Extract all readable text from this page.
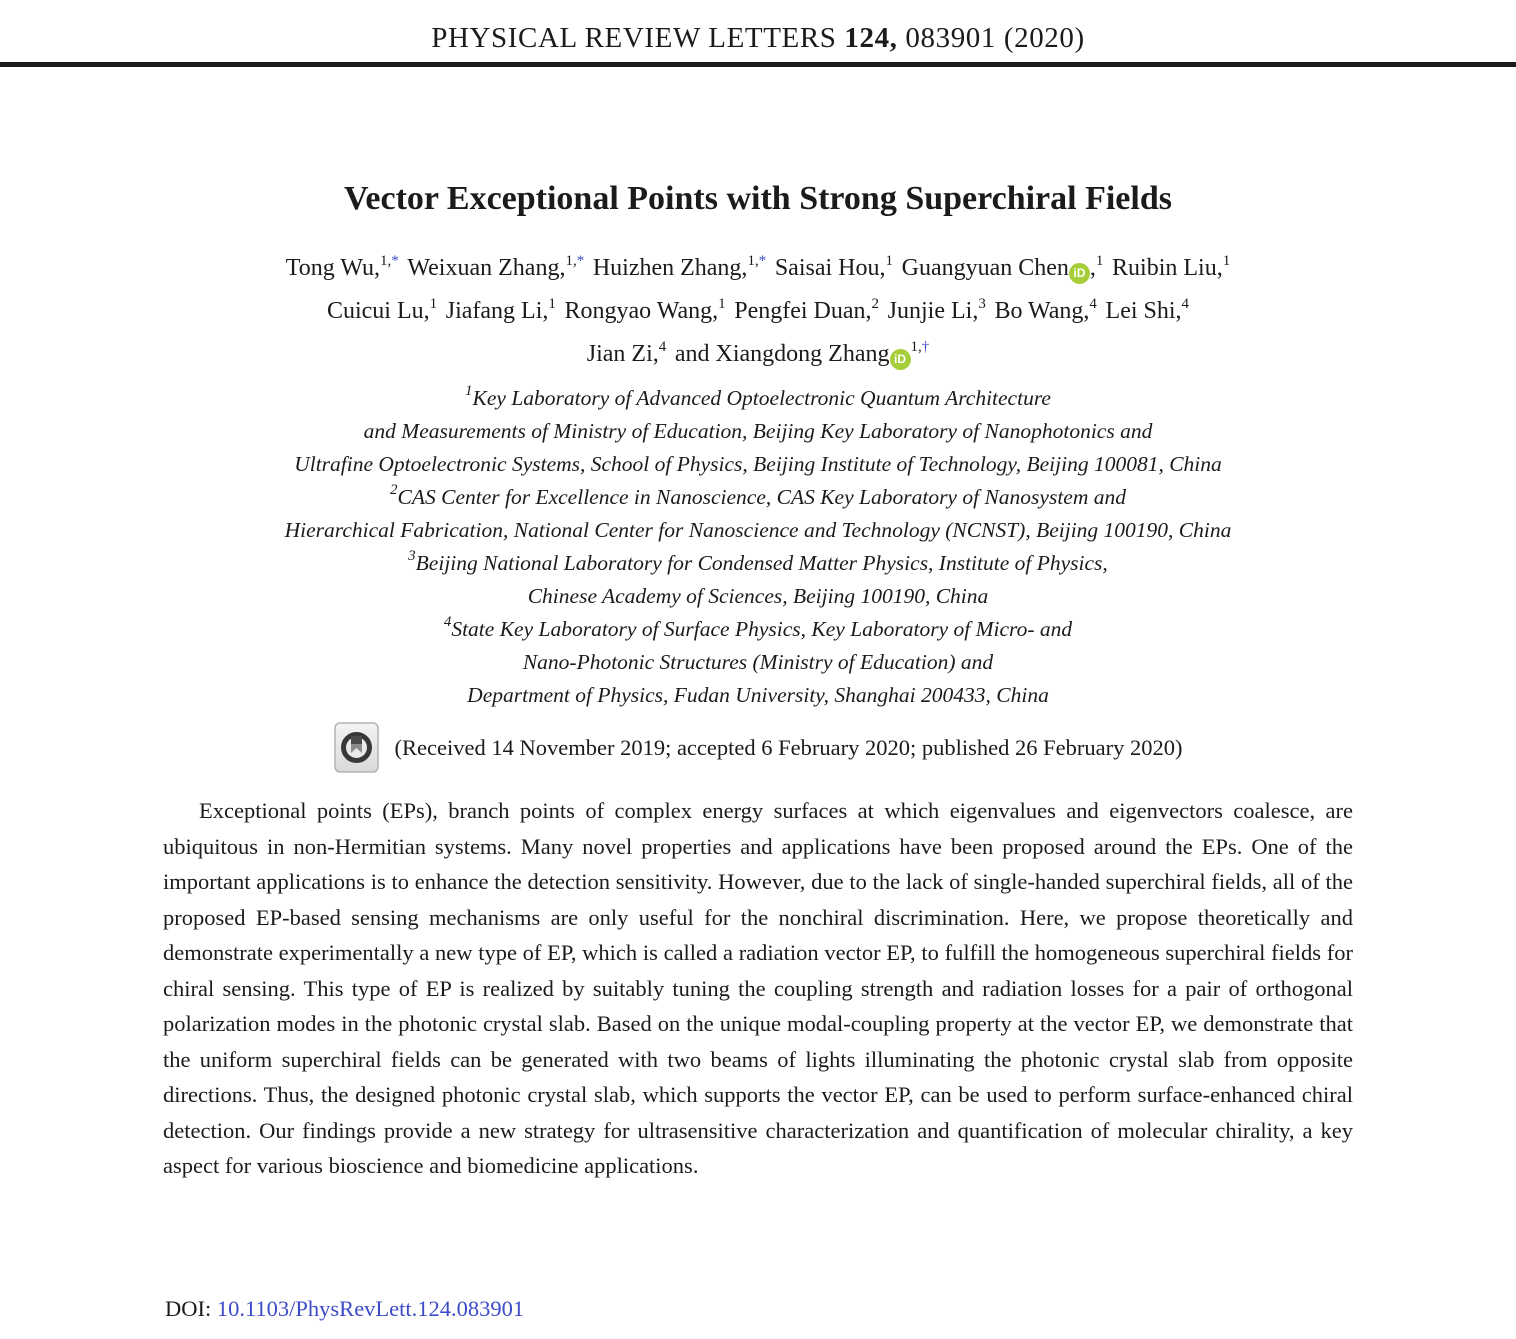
PHYSICAL REVIEW LETTERS 124, 083901 (2020)
Vector Exceptional Points with Strong Superchiral Fields
Tong Wu,$^{1,*}$ Weixuan Zhang,$^{1,*}$ Huizhen Zhang,$^{1,*}$ Saisai Hou,$^1$ Guangyuan Chen iD ,$^1$ Ruibin Liu,$^1$
Cuicui Lu,$^1$ Jiafang Li,$^1$ Rongyao Wang,$^1$ Pengfei Duan,$^2$ Junjie Li,$^3$ Bo Wang,$^4$ Lei Shi,$^4$
Jian Zi,$^4$ and Xiangdong Zhang $iD^{1,\dagger}$
$^1$Key Laboratory of Advanced Optoelectronic Quantum Architecture
and Measurements of Ministry of Education, Beijing Key Laboratory of Nanophotonics and
Ultrafine Optoelectronic Systems, School of Physics, Beijing Institute of Technology, Beijing 100081, China
$^2$CAS Center for Excellence in Nanoscience, CAS Key Laboratory of Nanosystem and
Hierarchical Fabrication, National Center for Nanoscience and Technology (NCNST), Beijing 100190, China
$^3$Beijing National Laboratory for Condensed Matter Physics, Institute of Physics,
Chinese Academy of Sciences, Beijing 100190, China
$^4$State Key Laboratory of Surface Physics, Key Laboratory of Micro- and
Nano-Photonic Structures (Ministry of Education) and
Department of Physics, Fudan University, Shanghai 200433, China
(Received 14 November 2019; accepted 6 February 2020; published 26 February 2020)
Exceptional points (EPs), branch points of complex energy surfaces at which eigenvalues and eigenvectors coalesce, are ubiquitous in non-Hermitian systems. Many novel properties and applications have been proposed around the EPs. One of the important applications is to enhance the detection sensitivity. However, due to the lack of single-handed superchiral fields, all of the proposed EP-based sensing mechanisms are only useful for the nonchiral discrimination. Here, we propose theoretically and demonstrate experimentally a new type of EP, which is called a radiation vector EP, to fulfill the homogeneous superchiral fields for chiral sensing. This type of EP is realized by suitably tuning the coupling strength and radiation losses for a pair of orthogonal polarization modes in the photonic crystal slab. Based on the unique modal-coupling property at the vector EP, we demonstrate that the uniform superchiral fields can be generated with two beams of lights illuminating the photonic crystal slab from opposite directions. Thus, the designed photonic crystal slab, which supports the vector EP, can be used to perform surface-enhanced chiral detection. Our findings provide a new strategy for ultrasensitive characterization and quantification of molecular chirality, a key aspect for various bioscience and biomedicine applications.
DOI: 10.1103/PhysRevLett.124.083901
